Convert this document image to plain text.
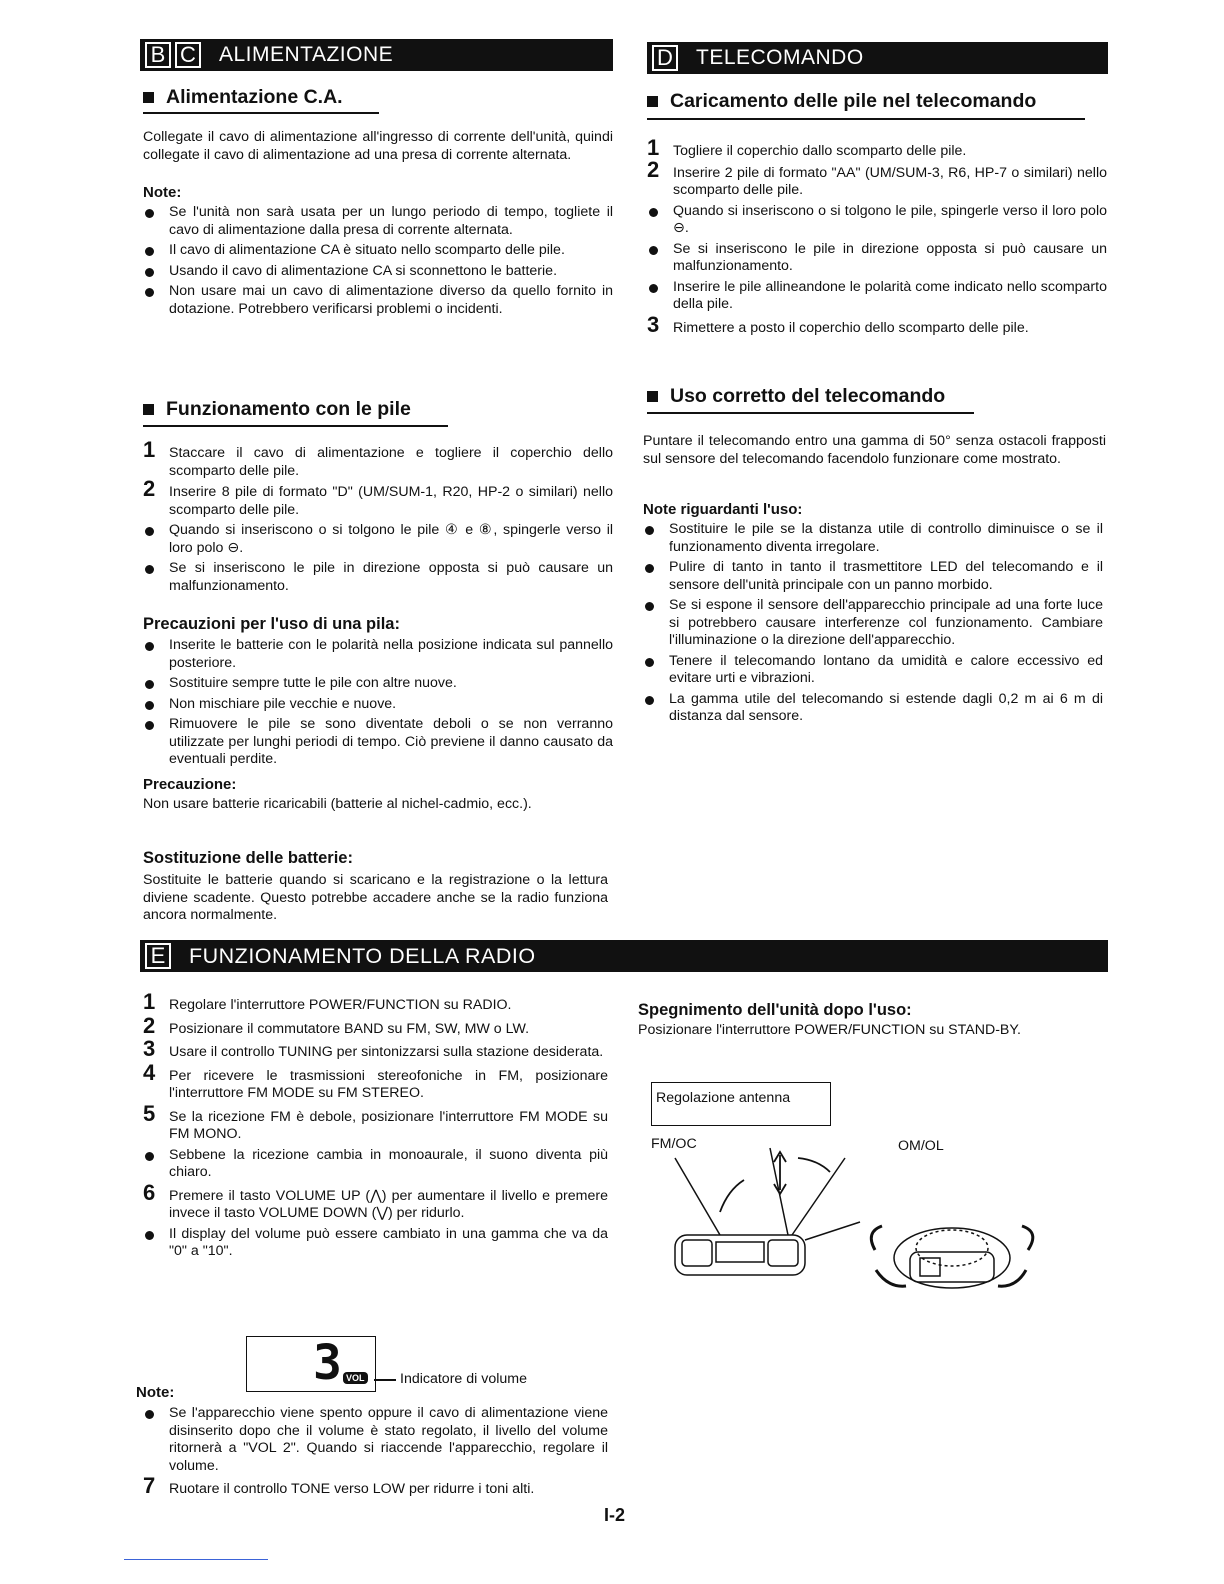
B C ALIMENTAZIONE	D TELECOMANDO
Alimentazione C.A.
Collegate il cavo di alimentazione all'ingresso di corrente dell'unità, quindi collegate il cavo di alimentazione ad una presa di corrente alternata.
Note:
Se l'unità non sarà usata per un lungo periodo di tempo, togliete il cavo di alimentazione dalla presa di corrente alternata.
Il cavo di alimentazione CA è situato nello scomparto delle pile.
Usando il cavo di alimentazione CA si sconnettono le batterie.
Non usare mai un cavo di alimentazione diverso da quello fornito in dotazione. Potrebbero verificarsi problemi o incidenti.
Funzionamento con le pile
1 Staccare il cavo di alimentazione e togliere il coperchio dello scomparto delle pile.
2 Inserire 8 pile di formato "D" (UM/SUM-1, R20, HP-2 o similari) nello scomparto delle pile.
Quando si inseriscono o si tolgono le pile ④ e ⑧, spingerle verso il loro polo ⊖.
Se si inseriscono le pile in direzione opposta si può causare un malfunzionamento.
Precauzioni per l'uso di una pila:
Inserite le batterie con le polarità nella posizione indicata sul pannello posteriore.
Sostituire sempre tutte le pile con altre nuove.
Non mischiare pile vecchie e nuove.
Rimuovere le pile se sono diventate deboli o se non verranno utilizzate per lunghi periodi di tempo. Ciò previene il danno causato da eventuali perdite.
Precauzione:
Non usare batterie ricaricabili (batterie al nichel-cadmio, ecc.).
Sostituzione delle batterie:
Sostituite le batterie quando si scaricano e la registrazione o la lettura diviene scadente. Questo potrebbe accadere anche se la radio funziona ancora normalmente.
Caricamento delle pile nel telecomando
1 Togliere il coperchio dallo scomparto delle pile.
2 Inserire 2 pile di formato "AA" (UM/SUM-3, R6, HP-7 o similari) nello scomparto delle pile.
Quando si inseriscono o si tolgono le pile, spingerle verso il loro polo ⊖.
Se si inseriscono le pile in direzione opposta si può causare un malfunzionamento.
Inserire le pile allineandone le polarità come indicato nello scomparto della pile.
3 Rimettere a posto il coperchio dello scomparto delle pile.
Uso corretto del telecomando
Puntare il telecomando entro una gamma di 50° senza ostacoli frapposti sul sensore del telecomando facendolo funzionare come mostrato.
Note riguardanti l'uso:
Sostituire le pile se la distanza utile di controllo diminuisce o se il funzionamento diventa irregolare.
Pulire di tanto in tanto il trasmettitore LED del telecomando e il sensore dell'unità principale con un panno morbido.
Se si espone il sensore dell'apparecchio principale ad una forte luce si potrebbero causare interferenze col funzionamento. Cambiare l'illuminazione o la direzione dell'apparecchio.
Tenere il telecomando lontano da umidità e calore eccessivo ed evitare urti e vibrazioni.
La gamma utile del telecomando si estende dagli 0,2 m ai 6 m di distanza dal sensore.
E FUNZIONAMENTO DELLA RADIO
1 Regolare l'interruttore POWER/FUNCTION su RADIO.
2 Posizionare il commutatore BAND su FM, SW, MW o LW.
3 Usare il controllo TUNING per sintonizzarsi sulla stazione desiderata.
4 Per ricevere le trasmissioni stereofoniche in FM, posizionare l'interruttore FM MODE su FM STEREO.
5 Se la ricezione FM è debole, posizionare l'interruttore FM MODE su FM MONO.
Sebbene la ricezione cambia in monoaurale, il suono diventa più chiaro.
6 Premere il tasto VOLUME UP (⋀) per aumentare il livello e premere invece il tasto VOLUME DOWN (⋁) per ridurlo.
Il display del volume può essere cambiato in una gamma che va da "0" a "10".
3 VOL Indicatore di volume
Note:
Se l'apparecchio viene spento oppure il cavo di alimentazione viene disinserito dopo che il volume è stato regolato, il livello del volume ritornerà a "VOL 2". Quando si riaccende l'apparecchio, regolare il volume.
7 Ruotare il controllo TONE verso LOW per ridurre i toni alti.
I-2
Spegnimento dell'unità dopo l'uso:
Posizionare l'interruttore POWER/FUNCTION su STAND-BY.
Regolazione antenna
FM/OC	OM/OL
